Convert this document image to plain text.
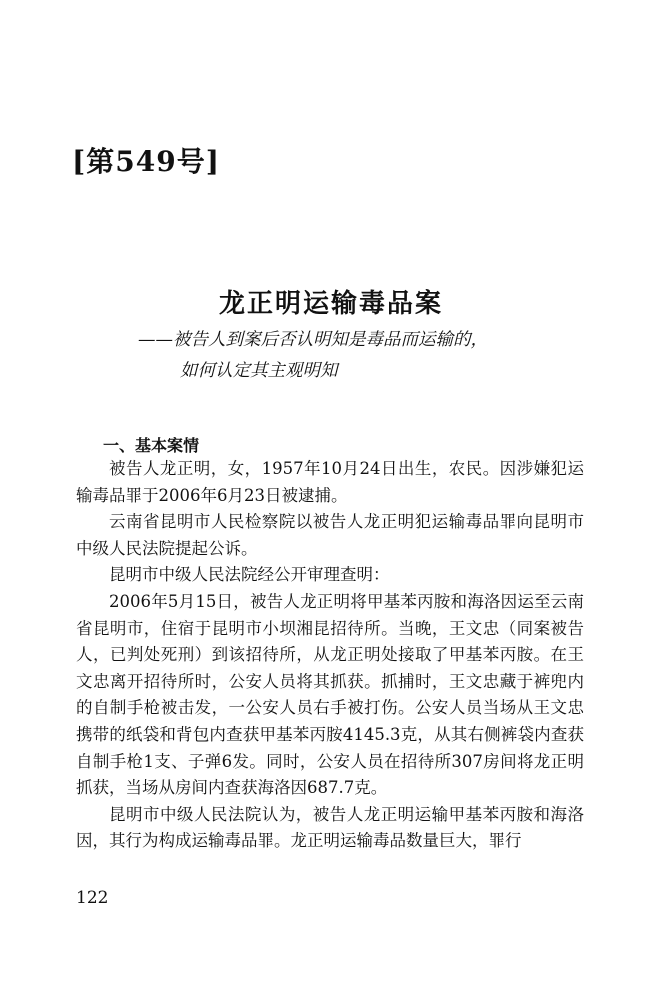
[第549号]
龙正明运输毒品案
——被告人到案后否认明知是毒品而运输的，
如何认定其主观明知
一、基本案情

被告人龙正明，女，1957年10月24日出生，农民。因涉嫌犯运输毒品罪于2006年6月23日被逮捕。

云南省昆明市人民检察院以被告人龙正明犯运输毒品罪向昆明市中级人民法院提起公诉。

昆明市中级人民法院经公开审理查明：

2006年5月15日，被告人龙正明将甲基苯丙胺和海洛因运至云南省昆明市，住宿于昆明市小坝湘昆招待所。当晚，王文忠（同案被告人，已判处死刑）到该招待所，从龙正明处接取了甲基苯丙胺。在王文忠离开招待所时，公安人员将其抓获。抓捕时，王文忠藏于裤兜内的自制手枪被击发，一公安人员右手被打伤。公安人员当场从王文忠携带的纸袋和背包内查获甲基苯丙胺4145.3克，从其右侧裤袋内查获自制手枪1支、子弹6发。同时，公安人员在招待所307房间将龙正明抓获，当场从房间内查获海洛因687.7克。

昆明市中级人民法院认为，被告人龙正明运输甲基苯丙胺和海洛因，其行为构成运输毒品罪。龙正明运输毒品数量巨大，罪行

122
